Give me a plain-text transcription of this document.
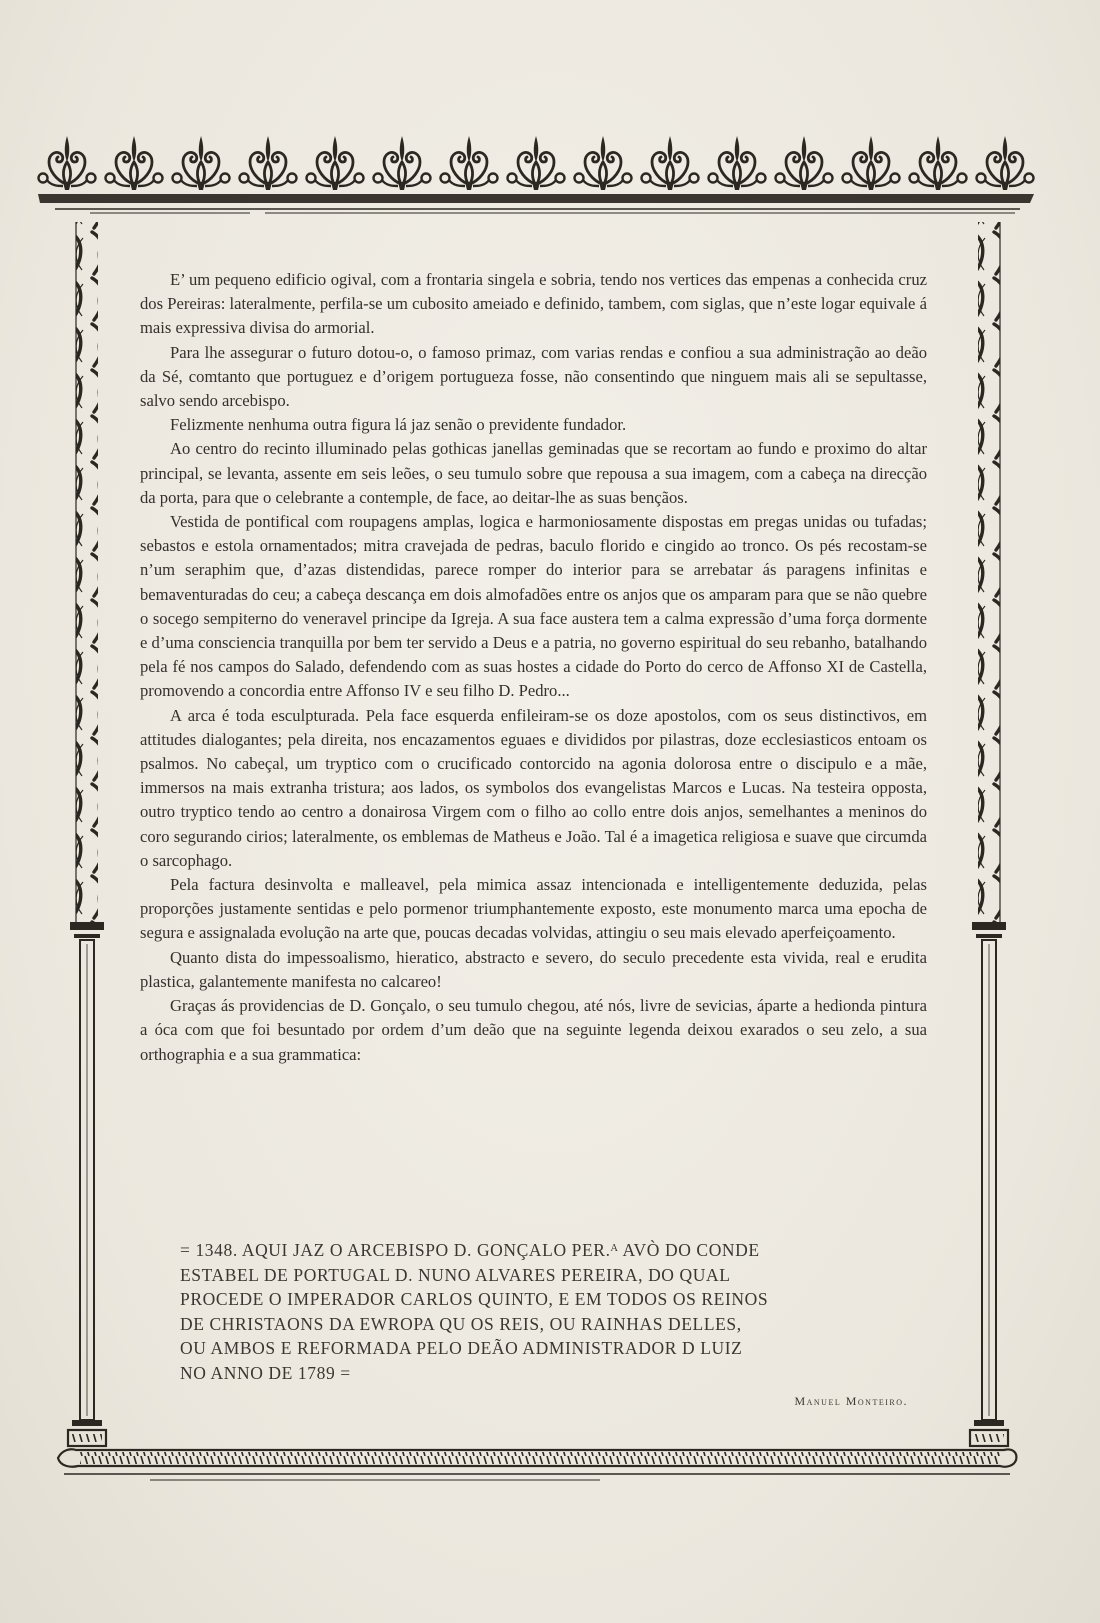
E’ um pequeno edificio ogival, com a frontaria singela e sobria, tendo nos vertices das empenas a conhecida cruz dos Pereiras: lateralmente, perfila-se um cubosito ameiado e definido, tambem, com siglas, que n’este logar equivale á mais expressiva divisa do armorial.

Para lhe assegurar o futuro dotou-o, o famoso primaz, com varias rendas e confiou a sua administração ao deão da Sé, comtanto que portuguez e d’origem portugueza fosse, não consentindo que ninguem mais ali se sepultasse, salvo sendo arcebispo.

Felizmente nenhuma outra figura lá jaz senão o previdente fundador.

Ao centro do recinto illuminado pelas gothicas janellas geminadas que se recortam ao fundo e proximo do altar principal, se levanta, assente em seis leões, o seu tumulo sobre que repousa a sua imagem, com a cabeça na direcção da porta, para que o celebrante a contemple, de face, ao deitar-lhe as suas bençãos.

Vestida de pontifical com roupagens amplas, logica e harmoniosamente dispostas em pregas unidas ou tufadas; sebastos e estola ornamentados; mitra cravejada de pedras, baculo florido e cingido ao tronco. Os pés recostam-se n’um seraphim que, d’azas distendidas, parece romper do interior para se arrebatar ás paragens infinitas e bemaventuradas do ceu; a cabeça descança em dois almofadões entre os anjos que os amparam para que se não quebre o socego sempiterno do veneravel principe da Igreja. A sua face austera tem a calma expressão d’uma força dormente e d’uma consciencia tranquilla por bem ter servido a Deus e a patria, no governo espiritual do seu rebanho, batalhando pela fé nos campos do Salado, defendendo com as suas hostes a cidade do Porto do cerco de Affonso XI de Castella, promovendo a concordia entre Affonso IV e seu filho D. Pedro...

A arca é toda esculpturada. Pela face esquerda enfileiram-se os doze apostolos, com os seus distinctivos, em attitudes dialogantes; pela direita, nos encazamentos eguaes e divididos por pilastras, doze ecclesiasticos entoam os psalmos. No cabeçal, um tryptico com o crucificado contorcido na agonia dolorosa entre o discipulo e a mãe, immersos na mais extranha tristura; aos lados, os symbolos dos evangelistas Marcos e Lucas. Na testeira opposta, outro tryptico tendo ao centro a donairosa Virgem com o filho ao collo entre dois anjos, semelhantes a meninos do coro segurando cirios; lateralmente, os emblemas de Matheus e João. Tal é a imagetica religiosa e suave que circumda o sarcophago.

Pela factura desinvolta e malleavel, pela mimica assaz intencionada e intelligentemente deduzida, pelas proporções justamente sentidas e pelo pormenor triumphantemente exposto, este monumento marca uma epocha de segura e assignalada evolução na arte que, poucas decadas volvidas, attingiu o seu mais elevado aperfeiçoamento.

Quanto dista do impessoalismo, hieratico, abstracto e severo, do seculo precedente esta vivida, real e erudita plastica, galantemente manifesta no calcareo!

Graças ás providencias de D. Gonçalo, o seu tumulo chegou, até nós, livre de sevicias, áparte a hedionda pintura a óca com que foi besuntado por ordem d’um deão que na seguinte legenda deixou exarados o seu zelo, a sua orthographia e a sua grammatica:

= 1348. AQUI JAZ O ARCEBISPO D. GONÇALO PER.ᴬ AVÒ DO CONDE
ESTABEL DE PORTUGAL D. NUNO ALVARES PEREIRA, DO QUAL
PROCEDE O IMPERADOR CARLOS QUINTO, E EM TODOS OS REINOS
DE CHRISTAONS DA EWROPA QU OS REIS, OU RAINHAS DELLES,
OU AMBOS E REFORMADA PELO DEÃO ADMINISTRADOR D LUIZ
NO ANNO DE 1789 =
Manuel Monteiro.
